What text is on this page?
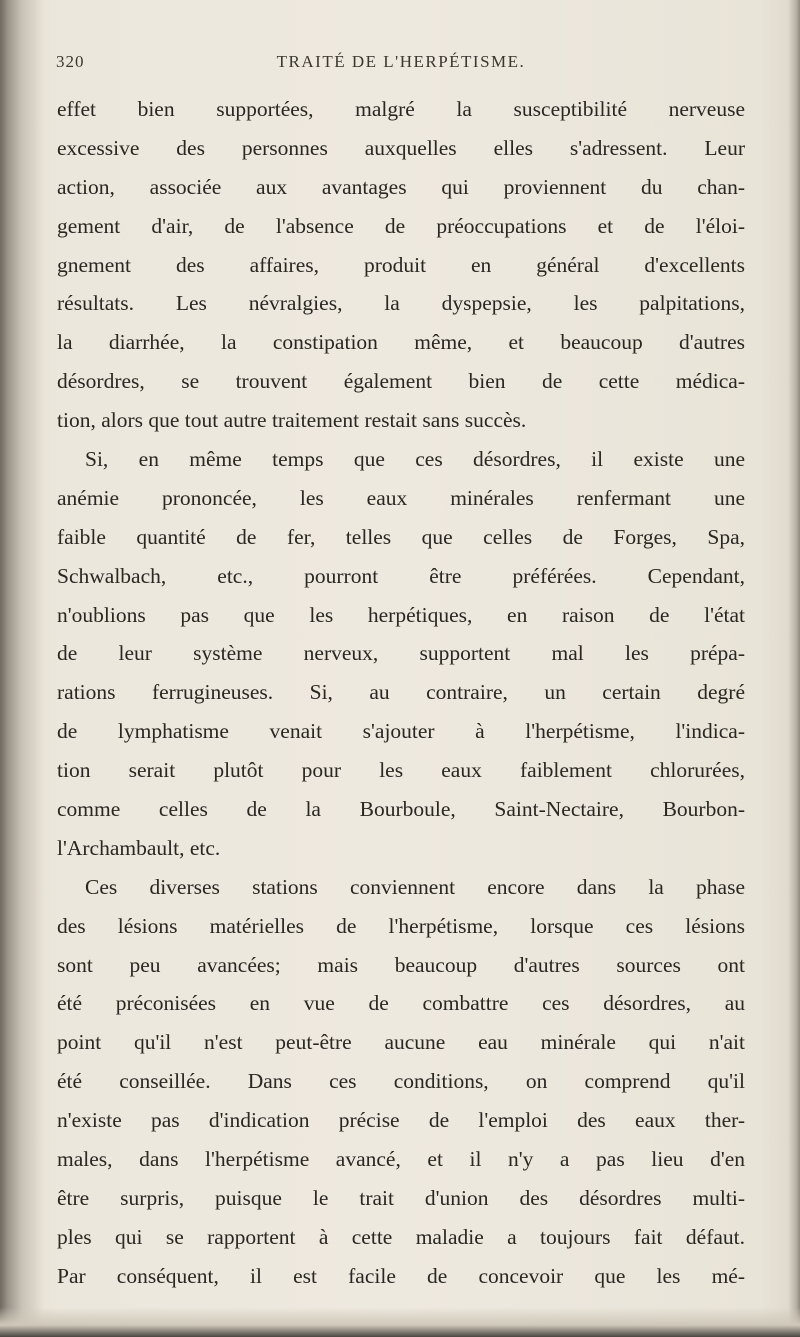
320	TRAITÉ DE L'HERPÉTISME.
effet bien supportées, malgré la susceptibilité nerveuse
excessive des personnes auxquelles elles s'adressent. Leur
action, associée aux avantages qui proviennent du chan-
gement d'air, de l'absence de préoccupations et de l'éloi-
gnement des affaires, produit en général d'excellents
résultats. Les névralgies, la dyspepsie, les palpitations,
la diarrhée, la constipation même, et beaucoup d'autres
désordres, se trouvent également bien de cette médica-
tion, alors que tout autre traitement restait sans succès.
Si, en même temps que ces désordres, il existe une
anémie prononcée, les eaux minérales renfermant une
faible quantité de fer, telles que celles de Forges, Spa,
Schwalbach, etc., pourront être préférées. Cependant,
n'oublions pas que les herpétiques, en raison de l'état
de leur système nerveux, supportent mal les prépa-
rations ferrugineuses. Si, au contraire, un certain degré
de lymphatisme venait s'ajouter à l'herpétisme, l'indica-
tion serait plutôt pour les eaux faiblement chlorurées,
comme celles de la Bourboule, Saint-Nectaire, Bourbon-
l'Archambault, etc.
Ces diverses stations conviennent encore dans la phase
des lésions matérielles de l'herpétisme, lorsque ces lésions
sont peu avancées; mais beaucoup d'autres sources ont
été préconisées en vue de combattre ces désordres, au
point qu'il n'est peut-être aucune eau minérale qui n'ait
été conseillée. Dans ces conditions, on comprend qu'il
n'existe pas d'indication précise de l'emploi des eaux ther-
males, dans l'herpétisme avancé, et il n'y a pas lieu d'en
être surpris, puisque le trait d'union des désordres multi-
ples qui se rapportent à cette maladie a toujours fait défaut.
Par conséquent, il est facile de concevoir que les mé-
